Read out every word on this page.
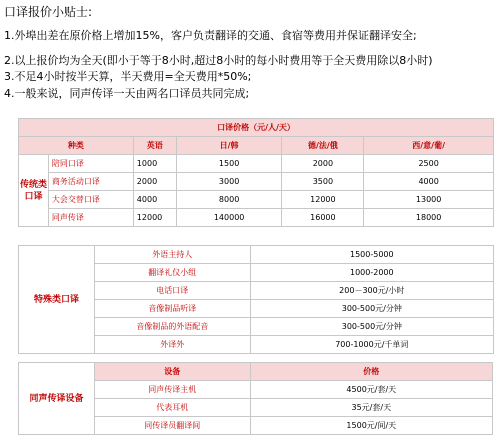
口译报价小贴士:
1.外埠出差在原价格上增加15%，客户负责翻译的交通、食宿等费用并保证翻译安全;
2.以上报价均为全天(即小于等于8小时,超过8小时的每小时费用等于全天费用除以8小时)
3.不足4小时按半天算，半天费用=全天费用*50%;
4.一般来说，同声传译一天由两名口译员共同完成;
口译价格（元/人/天）					
种类		英语	日/韩	德/法/俄	西/意/葡/
传统类口译	陪同口译	1000	1500	2000	2500
	商务活动口译	2000	3000	3500	4000
	大会交替口译	4000	8000	12000	13000
	同声传译	12000	140000	16000	18000
特殊类口译	外语主持人	1500-5000
	翻译礼仪小组	1000-2000
	电话口译	200－300元/小时
	音像制品听译	300-500元/分钟
	音像制品的外语配音	300-500元/分钟
	外译外	700-1000元/千单词
同声传译设备	设备	价格
	同声传译主机	4500元/套/天
	代表耳机	35元/套/天
	同传译员翻译间	1500元/间/天
